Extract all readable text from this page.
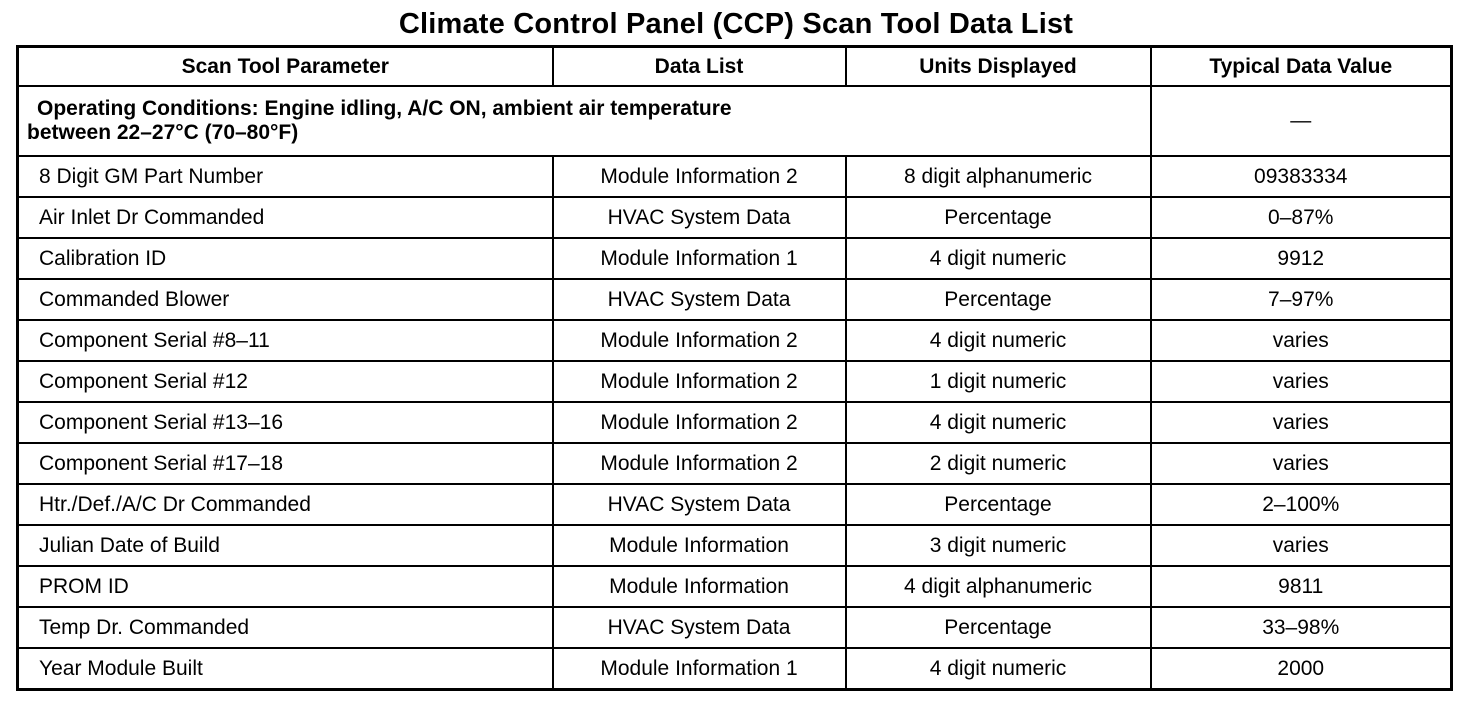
Climate Control Panel (CCP) Scan Tool Data List
Scan Tool Parameter	Data List	Units Displayed	Typical Data Value
Operating Conditions: Engine idling, A/C ON, ambient air temperature
between 22–27°C (70–80°F)			—
8 Digit GM Part Number	Module Information 2	8 digit alphanumeric	09383334
Air Inlet Dr Commanded	HVAC System Data	Percentage	0–87%
Calibration ID	Module Information 1	4 digit numeric	9912
Commanded Blower	HVAC System Data	Percentage	7–97%
Component Serial #8–11	Module Information 2	4 digit numeric	varies
Component Serial #12	Module Information 2	1 digit numeric	varies
Component Serial #13–16	Module Information 2	4 digit numeric	varies
Component Serial #17–18	Module Information 2	2 digit numeric	varies
Htr./Def./A/C Dr Commanded	HVAC System Data	Percentage	2–100%
Julian Date of Build	Module Information	3 digit numeric	varies
PROM ID	Module Information	4 digit alphanumeric	9811
Temp Dr. Commanded	HVAC System Data	Percentage	33–98%
Year Module Built	Module Information 1	4 digit numeric	2000
